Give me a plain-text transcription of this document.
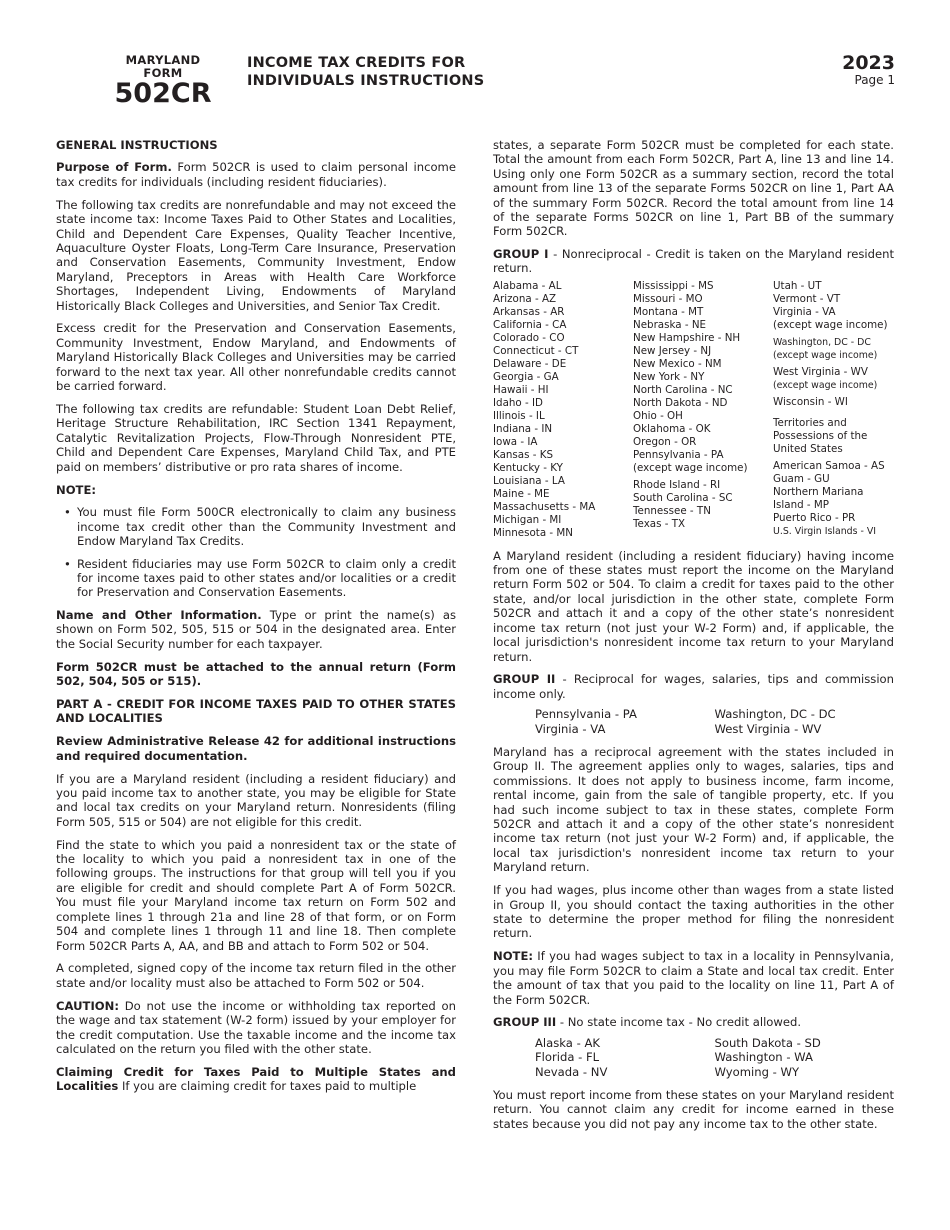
MARYLAND
FORM
502CR
INCOME TAX CREDITS FOR
INDIVIDUALS INSTRUCTIONS
2023
Page 1

GENERAL INSTRUCTIONS

Purpose of Form. Form 502CR is used to claim personal income tax credits for individuals (including resident fiduciaries).

The following tax credits are nonrefundable and may not exceed the state income tax: Income Taxes Paid to Other States and Localities, Child and Dependent Care Expenses, Quality Teacher Incentive, Aquaculture Oyster Floats, Long-Term Care Insurance, Preservation and Conservation Easements, Community Investment, Endow Maryland, Preceptors in Areas with Health Care Workforce Shortages, Independent Living, Endowments of Maryland Historically Black Colleges and Universities, and Senior Tax Credit.

Excess credit for the Preservation and Conservation Easements, Community Investment, Endow Maryland, and Endowments of Maryland Historically Black Colleges and Universities may be carried forward to the next tax year. All other nonrefundable credits cannot be carried forward.

The following tax credits are refundable: Student Loan Debt Relief, Heritage Structure Rehabilitation, IRC Section 1341 Repayment, Catalytic Revitalization Projects, Flow-Through Nonresident PTE, Child and Dependent Care Expenses, Maryland Child Tax, and PTE paid on members’ distributive or pro rata shares of income.

NOTE:

• You must file Form 500CR electronically to claim any business income tax credit other than the Community Investment and Endow Maryland Tax Credits.
• Resident fiduciaries may use Form 502CR to claim only a credit for income taxes paid to other states and/or localities or a credit for Preservation and Conservation Easements.

Name and Other Information. Type or print the name(s) as shown on Form 502, 505, 515 or 504 in the designated area. Enter the Social Security number for each taxpayer.

Form 502CR must be attached to the annual return (Form 502, 504, 505 or 515).

PART A - CREDIT FOR INCOME TAXES PAID TO OTHER STATES AND LOCALITIES

Review Administrative Release 42 for additional instructions and required documentation.

If you are a Maryland resident (including a resident fiduciary) and you paid income tax to another state, you may be eligible for State and local tax credits on your Maryland return. Nonresidents (filing Form 505, 515 or 504) are not eligible for this credit.

Find the state to which you paid a nonresident tax or the state of the locality to which you paid a nonresident tax in one of the following groups. The instructions for that group will tell you if you are eligible for credit and should complete Part A of Form 502CR. You must file your Maryland income tax return on Form 502 and complete lines 1 through 21a and line 28 of that form, or on Form 504 and complete lines 1 through 11 and line 18. Then complete Form 502CR Parts A, AA, and BB and attach to Form 502 or 504.

A completed, signed copy of the income tax return filed in the other state and/or locality must also be attached to Form 502 or 504.

CAUTION: Do not use the income or withholding tax reported on the wage and tax statement (W-2 form) issued by your employer for the credit computation. Use the taxable income and the income tax calculated on the return you filed with the other state.

Claiming Credit for Taxes Paid to Multiple States and Localities If you are claiming credit for taxes paid to multiple

states, a separate Form 502CR must be completed for each state. Total the amount from each Form 502CR, Part A, line 13 and line 14. Using only one Form 502CR as a summary section, record the total amount from line 13 of the separate Forms 502CR on line 1, Part AA of the summary Form 502CR. Record the total amount from line 14 of the separate Forms 502CR on line 1, Part BB of the summary Form 502CR.

GROUP I - Nonreciprocal - Credit is taken on the Maryland resident return.

Alabama - AL
Arizona - AZ
Arkansas - AR
California - CA
Colorado - CO
Connecticut - CT
Delaware - DE
Georgia - GA
Hawaii - HI
Idaho - ID
Illinois - IL
Indiana - IN
Iowa - IA
Kansas - KS
Kentucky - KY
Louisiana - LA
Maine - ME
Massachusetts - MA
Michigan - MI
Minnesota - MN
Mississippi - MS
Missouri - MO
Montana - MT
Nebraska - NE
New Hampshire - NH
New Jersey - NJ
New Mexico - NM
New York - NY
North Carolina - NC
North Dakota - ND
Ohio - OH
Oklahoma - OK
Oregon - OR
Pennsylvania - PA
(except wage income)
Rhode Island - RI
South Carolina - SC
Tennessee - TN
Texas - TX
Utah - UT
Vermont - VT
Virginia - VA
(except wage income)
Washington, DC - DC
(except wage income)
West Virginia - WV
(except wage income)
Wisconsin - WI
Territories and
Possessions of the
United States
American Samoa - AS
Guam - GU
Northern Mariana
Island - MP
Puerto Rico - PR
U.S. Virgin Islands - VI

A Maryland resident (including a resident fiduciary) having income from one of these states must report the income on the Maryland return Form 502 or 504. To claim a credit for taxes paid to the other state, and/or local jurisdiction in the other state, complete Form 502CR and attach it and a copy of the other state’s nonresident income tax return (not just your W-2 Form) and, if applicable, the local jurisdiction's nonresident income tax return to your Maryland return.

GROUP II - Reciprocal for wages, salaries, tips and commission income only.

Pennsylvania - PA	Washington, DC - DC
Virginia - VA	West Virginia - WV

Maryland has a reciprocal agreement with the states included in Group II. The agreement applies only to wages, salaries, tips and commissions. It does not apply to business income, farm income, rental income, gain from the sale of tangible property, etc. If you had such income subject to tax in these states, complete Form 502CR and attach it and a copy of the other state’s nonresident income tax return (not just your W-2 Form) and, if applicable, the local tax jurisdiction's nonresident income tax return to your Maryland return.

If you had wages, plus income other than wages from a state listed in Group II, you should contact the taxing authorities in the other state to determine the proper method for filing the nonresident return.

NOTE: If you had wages subject to tax in a locality in Pennsylvania, you may file Form 502CR to claim a State and local tax credit. Enter the amount of tax that you paid to the locality on line 11, Part A of the Form 502CR.

GROUP III - No state income tax - No credit allowed.

Alaska - AK	South Dakota - SD
Florida - FL	Washington - WA
Nevada - NV	Wyoming - WY

You must report income from these states on your Maryland resident return. You cannot claim any credit for income earned in these states because you did not pay any income tax to the other state.
